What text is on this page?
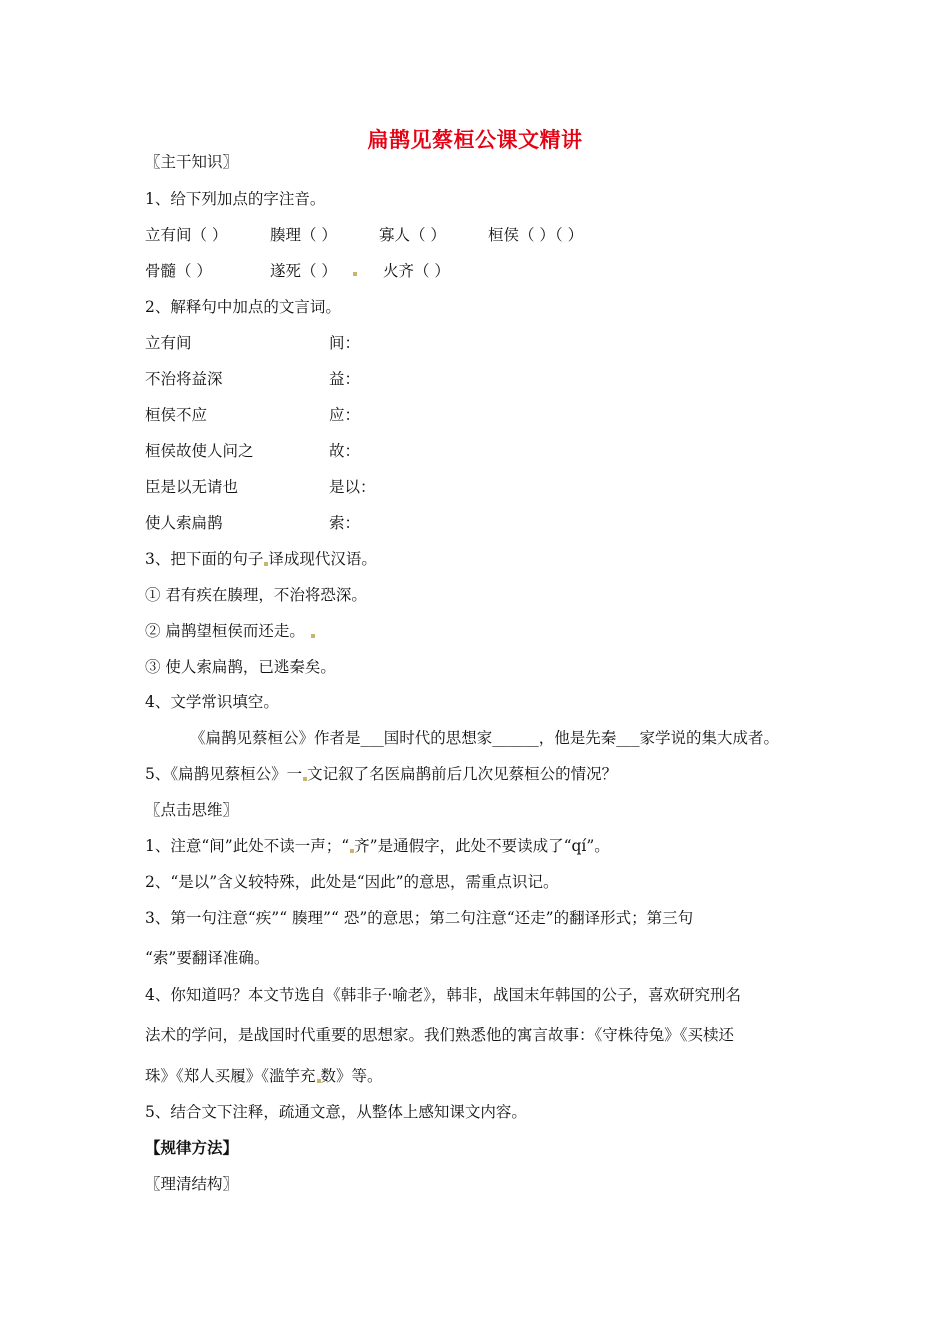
扁鹊见蔡桓公课文精讲
〖主干知识〗
1、给下列加点的字注音。
立有间（ ）	腠理（ ）	寡人（ ）	桓侯（ ）（ ）
骨髓（ ）	遂死（ ）	火齐（ ）
2、解释句中加点的文言词。
立有间	间：
不治将益深	益：
桓侯不应	应：
桓侯故使人问之	故：
臣是以无请也	是以：
使人索扁鹊	索：
3、把下面的句子 译成现代汉语。
① 君有疾在腠理，不治将恐深。
② 扁鹊望桓侯而还走。
③ 使人索扁鹊，已逃秦矣。
4、文学常识填空。
《扁鹊见蔡桓公》作者是___国时代的思想家______，他是先秦___家学说的集大成者。
5、《扁鹊见蔡桓公》一 文记叙了名医扁鹊前后几次见蔡桓公的情况？
〖点击思维〗
1、注意“间”此处不读一声；“ 齐”是通假字，此处不要读成了“qí”。
2、“是以”含义较特殊，此处是“因此”的意思，需重点识记。
3、第一句注意“疾”“ 腠理”“ 恐”的意思；第二句注意“还走”的翻译形式；第三句
“索”要翻译准确。
4、你知道吗？本文节选自《韩非子·喻老》，韩非，战国末年韩国的公子，喜欢研究刑名
法术的学问，是战国时代重要的思想家。我们熟悉他的寓言故事：《守株待兔》《买椟还
珠》《郑人买履》《滥竽充 数》等。
5、结合文下注释，疏通文意，从整体上感知课文内容。
【规律方法】
〖理清结构〗
